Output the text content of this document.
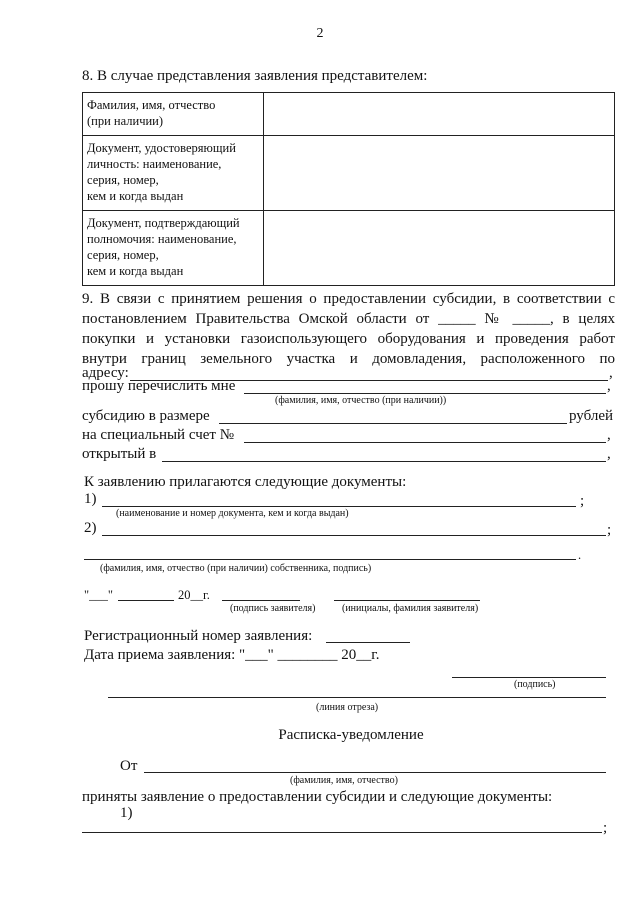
2
8. В случае представления заявления представителем:
Фамилия, имя, отчество
(при наличии)	

Документ, удостоверяющий
личность: наименование,
серия, номер,
кем и когда выдан	

Документ, подтверждающий
полномочия: наименование,
серия, номер,
кем и когда выдан	

9. В связи с принятием решения о предоставлении субсидии, в соответствии с
постановлением Правительства Омской области от _____ № _____, в целях
покупки и установки газоиспользующего оборудования и проведения работ
внутри границ земельного участка и домовладения, расположенного по
адресу:	,
прошу перечислить мне	,
(фамилия, имя, отчество (при наличии))
субсидию в размере	рублей
на специальный счет №	,
открытый в	,
К заявлению прилагаются следующие документы:
1)	;
(наименование и номер документа, кем и когда выдан)
2)	;
.
(фамилия, имя, отчество (при наличии) собственника, подпись)
"___"	20__г.
(подпись заявителя)	(инициалы, фамилия заявителя)
Регистрационный номер заявления:
Дата приема заявления: "___" ________ 20__г.
(подпись)
(линия отреза)
Расписка-уведомление
От
(фамилия, имя, отчество)
приняты заявление о предоставлении субсидии и следующие документы:
1)
;
